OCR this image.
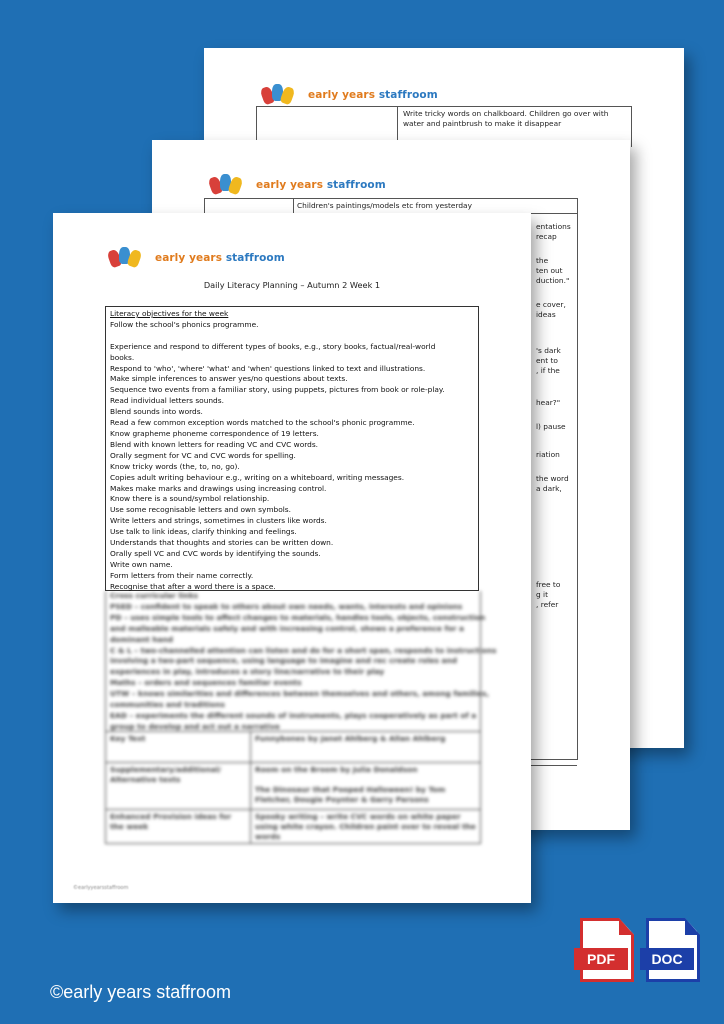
early years staffroom
Write tricky words on chalkboard. Children go over with water and paintbrush to make it disappear
early years staffroom
Children's paintings/models etc from yesterday
entations
recap
the
ten out
duction."
e cover,
ideas
's dark
ent to
, if the
hear?"
l) pause
riation
the word
a dark,
free to
g it
, refer
early years staffroom
Daily Literacy Planning – Autumn 2 Week 1
Literacy objectives for the week
Follow the school's phonics programme.

Experience and respond to different types of books, e.g., story books, factual/real-world
books.
Respond to 'who', 'where' 'what' and 'when' questions linked to text and illustrations.
Make simple inferences to answer yes/no questions about texts.
Sequence two events from a familiar story, using puppets, pictures from book or role-play.
Read individual letters sounds.
Blend sounds into words.
Read a few common exception words matched to the school's phonic programme.
Know grapheme phoneme correspondence of 19 letters.
Blend with known letters for reading VC and CVC words.
Orally segment for VC and CVC words for spelling.
Know tricky words (the, to, no, go).
Copies adult writing behaviour e.g., writing on a whiteboard, writing messages.
Makes make marks and drawings using increasing control.
Know there is a sound/symbol relationship.
Use some recognisable letters and own symbols.
Write letters and strings, sometimes in clusters like words.
Use talk to link ideas, clarify thinking and feelings.
Understands that thoughts and stories can be written down.
Orally spell VC and CVC words by identifying the sounds.
Write own name.
Form letters from their name correctly.
Recognise that after a word there is a space.
Cross curricular links
PSED – confident to speak to others about own needs, wants, interests and opinions
PD – uses simple tools to affect changes to materials, handles tools, objects, construction
and malleable materials safely and with increasing control, shows a preference for a
dominant hand
C & L – two-channelled attention can listen and do for a short span, responds to instructions
involving a two-part sequence, using language to imagine and rec create roles and
experiences in play, introduces a story line/narrative to their play
Maths – orders and sequences familiar events
UTW – knows similarities and differences between themselves and others, among families,
communities and traditions
EAD – experiments the different sounds of instruments, plays cooperatively as part of a
group to develop and act out a narrative
Key Text	Funnybones by Janet Ahlberg & Allan Ahlberg
Supplementary/additional/ Alternative texts
Room on the Broom by Julia Donaldson

The Dinosaur that Pooped Halloween! by Tom Fletcher, Dougie Poynter & Garry Parsons
Enhanced Provision ideas for the week
Spooky writing – write CVC words on white paper using white crayon. Children paint over to reveal the words
©earlyyearsstaffroom
PDF	DOC
©early years staffroom
